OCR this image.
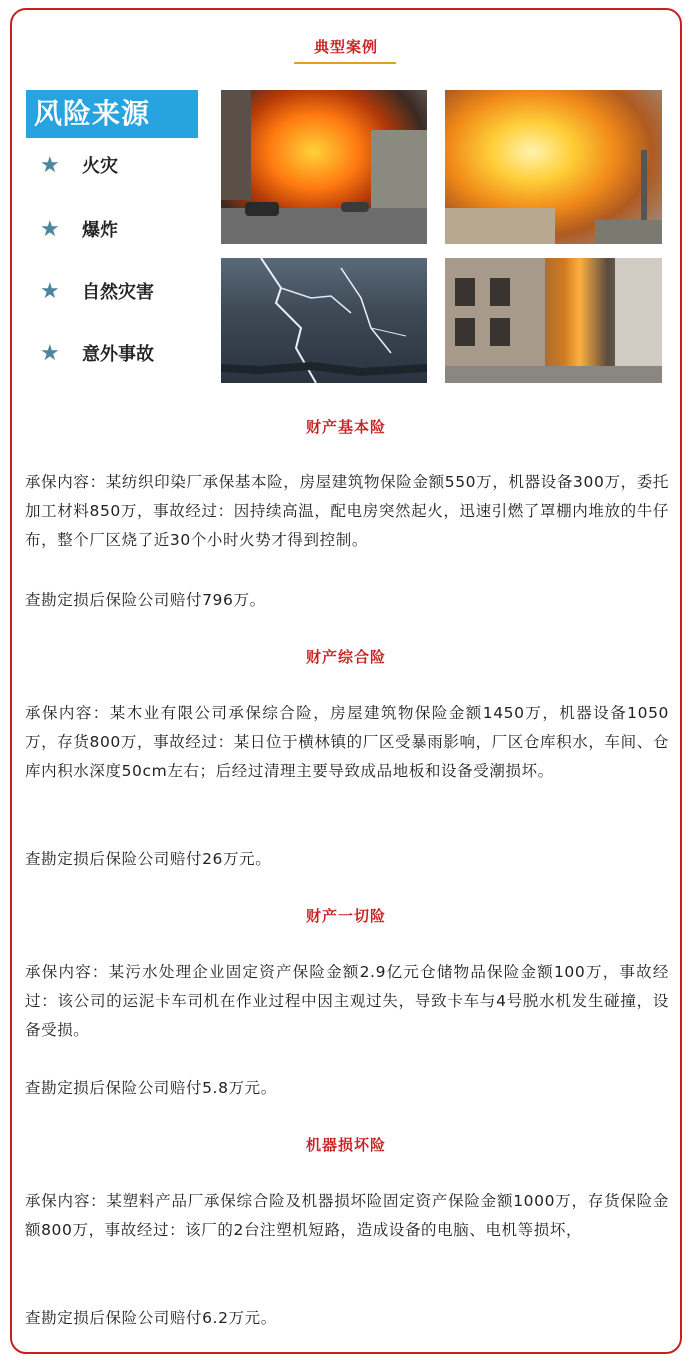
典型案例
风险来源
★	火灾
★	爆炸
★	自然灾害
★	意外事故
财产基本险

承保内容：某纺织印染厂承保基本险，房屋建筑物保险金额550万，机器设备300万，委托加工材料850万，事故经过：因持续高温，配电房突然起火，迅速引燃了罩棚内堆放的牛仔布，整个厂区烧了近30个小时火势才得到控制。

查勘定损后保险公司赔付796万。

财产综合险

承保内容：某木业有限公司承保综合险，房屋建筑物保险金额1450万，机器设备1050万，存货800万，事故经过：某日位于横林镇的厂区受暴雨影响，厂区仓库积水，车间、仓库内积水深度50cm左右；后经过清理主要导致成品地板和设备受潮损坏。

查勘定损后保险公司赔付26万元。

财产一切险

承保内容：某污水处理企业固定资产保险金额2.9亿元仓储物品保险金额100万，事故经过：该公司的运泥卡车司机在作业过程中因主观过失，导致卡车与4号脱水机发生碰撞，设备受损。

查勘定损后保险公司赔付5.8万元。

机器损坏险

承保内容：某塑料产品厂承保综合险及机器损坏险固定资产保险金额1000万，存货保险金额800万，事故经过：该厂的2台注塑机短路，造成设备的电脑、电机等损坏，

查勘定损后保险公司赔付6.2万元。
